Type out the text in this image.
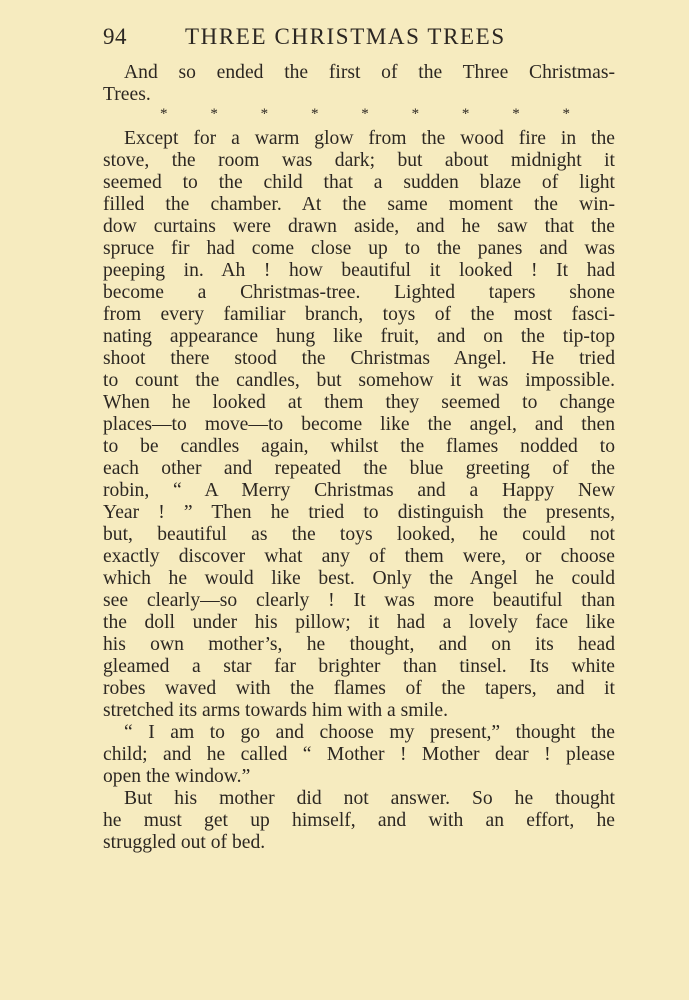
94	THREE CHRISTMAS TREES
And so ended the first of the Three Christmas-
Trees.
*	*	*	*	*	*	*	*	*
Except for a warm glow from the wood fire in the
stove, the room was dark; but about midnight it
seemed to the child that a sudden blaze of light
filled the chamber. At the same moment the win-
dow curtains were drawn aside, and he saw that the
spruce fir had come close up to the panes and was
peeping in. Ah ! how beautiful it looked ! It had
become a Christmas-tree. Lighted tapers shone
from every familiar branch, toys of the most fasci-
nating appearance hung like fruit, and on the tip-top
shoot there stood the Christmas Angel. He tried
to count the candles, but somehow it was impossible.
When he looked at them they seemed to change
places—to move—to become like the angel, and then
to be candles again, whilst the flames nodded to
each other and repeated the blue greeting of the
robin, “ A Merry Christmas and a Happy New
Year ! ” Then he tried to distinguish the presents,
but, beautiful as the toys looked, he could not
exactly discover what any of them were, or choose
which he would like best. Only the Angel he could
see clearly—so clearly ! It was more beautiful than
the doll under his pillow; it had a lovely face like
his own mother’s, he thought, and on its head
gleamed a star far brighter than tinsel. Its white
robes waved with the flames of the tapers, and it
stretched its arms towards him with a smile.
“ I am to go and choose my present,” thought the
child; and he called “ Mother ! Mother dear ! please
open the window.”
But his mother did not answer. So he thought
he must get up himself, and with an effort, he
struggled out of bed.
